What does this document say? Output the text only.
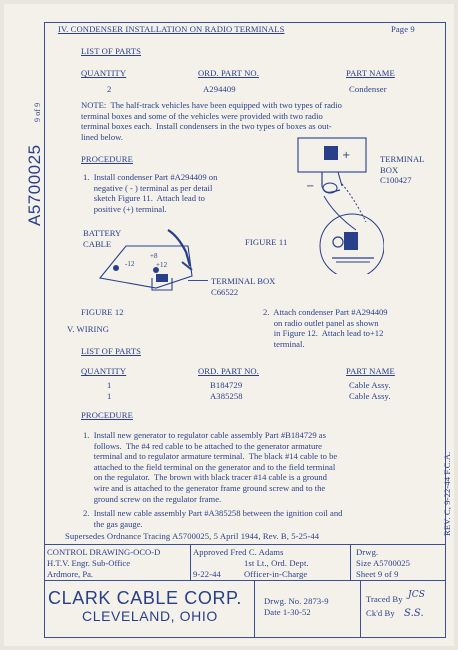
9 of 9
A5700025
REV. C, 9-22-44 F.C.A.
IV. CONDENSER INSTALLATION ON RADIO TERMINALS	Page 9
LIST OF PARTS
QUANTITY	ORD. PART NO.	PART NAME
2	A294409	Condenser
NOTE:  The half-track vehicles have been equipped with two types of radio
terminal boxes and some of the vehicles were provided with two radio
terminal boxes each.  Install condensers in the two types of boxes as out-
lined below.
PROCEDURE
1.  Install condenser Part #A294409 on
negative ( - ) terminal as per detail
sketch Figure 11.  Attach lead to
positive (+) terminal.
+
−
TERMINAL
BOX
C100427
BATTERY
CABLE
-12
+8
+12
FIGURE 11
TERMINAL BOX
C66522
FIGURE 12	2.  Attach condenser Part #A294409
on radio outlet panel as shown
in Figure 12.  Attach lead to+12
terminal.
V. WIRING
LIST OF PARTS
QUANTITY	ORD. PART NO.	PART NAME
1	B184729	Cable Assy.
1	A385258	Cable Assy.
PROCEDURE
1.  Install new generator to regulator cable assembly Part #B184729 as
follows.  The #4 red cable to be attached to the generator armature
terminal and to regulator armature terminal.  The black #14 cable to be
attached to the field terminal on the generator and to the field terminal
on the regulator.  The brown with black tracer #14 cable is a ground
wire and is attached to the generator frame ground screw and to the
ground screw on the regulator frame.
2.  Install new cable assembly Part #A385258 between the ignition coil and
the gas gauge.
Supersedes Ordnance Tracing A5700025, 5 April 1944, Rev. B, 5-25-44
CONTROL DRAWING-OCO-D
H.T.V. Engr. Sub-Office
Ardmore, Pa.
Approved Fred C. Adams
1st Lt., Ord. Dept.
9-22-44	Officer-in-Charge
Drwg.
Size A5700025
Sheet 9 of 9
CLARK CABLE CORP.
CLEVELAND, OHIO
Drwg. No. 2873-9
Date 1-30-52
Traced By JCS
Ck'd By S.S.
